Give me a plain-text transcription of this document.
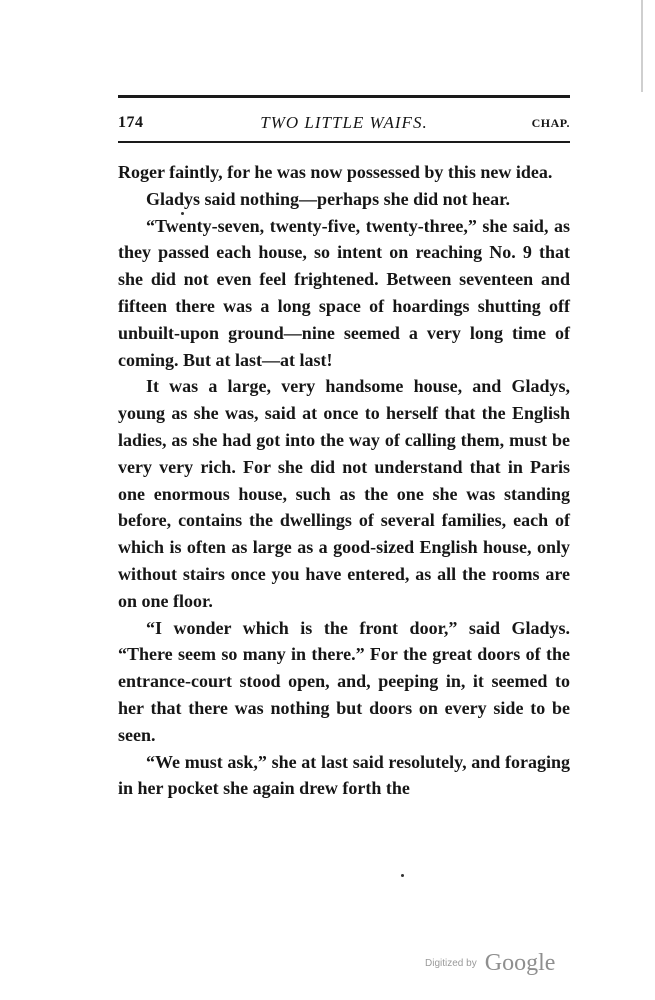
174	TWO LITTLE WAIFS.	CHAP.

Roger faintly, for he was now possessed by this new idea.

Gladys said nothing—perhaps she did not hear.

“Twenty-seven, twenty-five, twenty-three,” she said, as they passed each house, so intent on reaching No. 9 that she did not even feel frightened. Between seventeen and fifteen there was a long space of hoardings shutting off unbuilt-upon ground—nine seemed a very long time of coming. But at last—at last!

It was a large, very handsome house, and Gladys, young as she was, said at once to herself that the English ladies, as she had got into the way of calling them, must be very very rich. For she did not understand that in Paris one enormous house, such as the one she was standing before, contains the dwellings of several families, each of which is often as large as a good-sized English house, only without stairs once you have entered, as all the rooms are on one floor.

“I wonder which is the front door,” said Gladys. “There seem so many in there.” For the great doors of the entrance-court stood open, and, peeping in, it seemed to her that there was nothing but doors on every side to be seen.

“We must ask,” she at last said resolutely, and foraging in her pocket she again drew forth the

Digitized by Google
